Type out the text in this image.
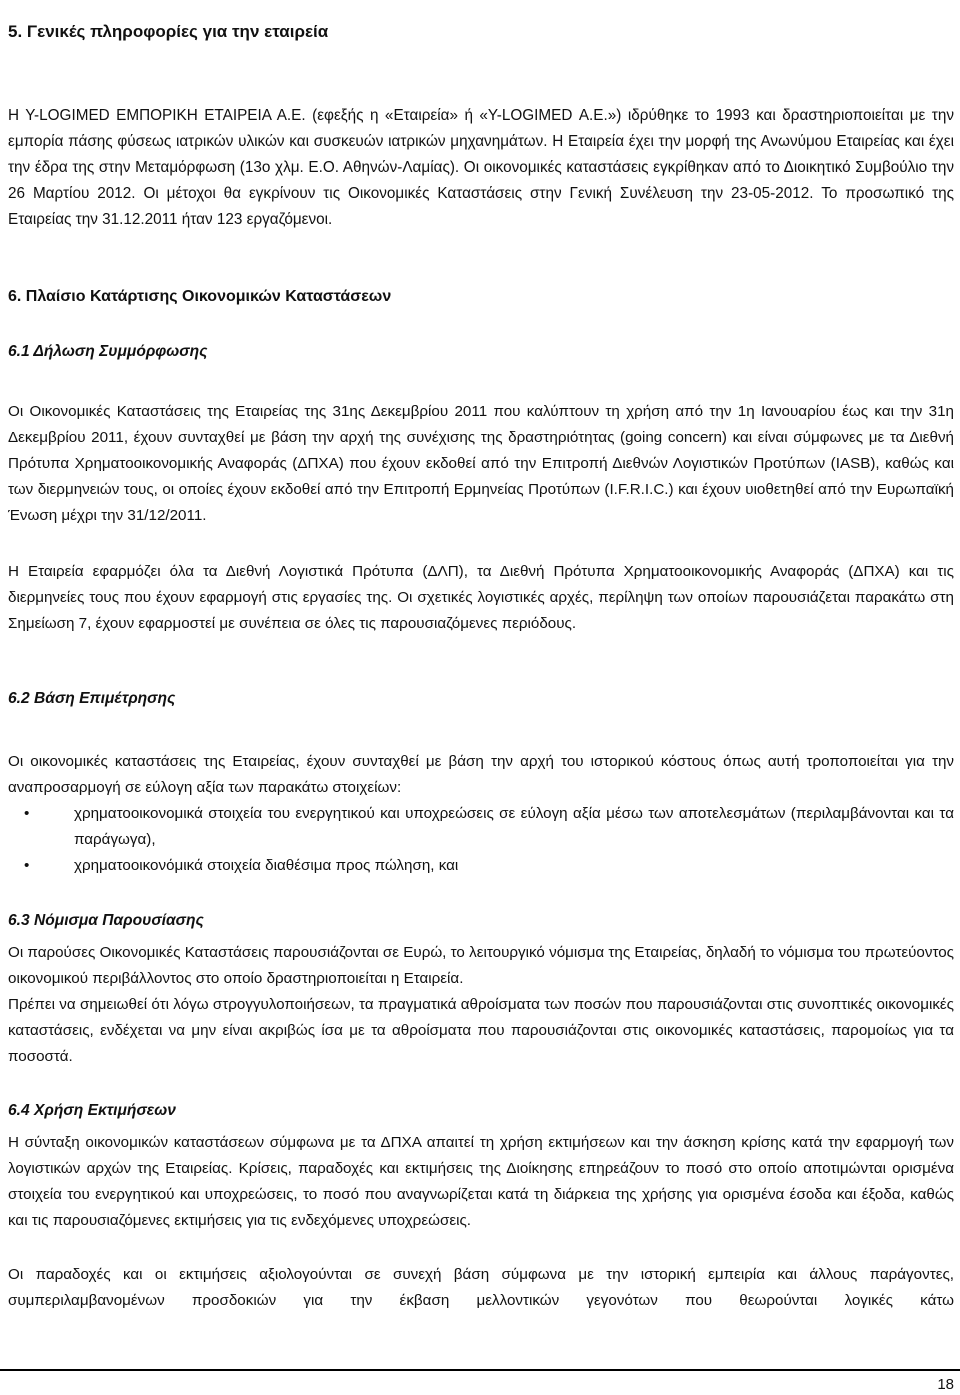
5. Γενικές πληροφορίες για την εταιρεία

Η Υ-LOGIMED ΕΜΠΟΡΙΚΗ ΕΤΑΙΡΕΙΑ Α.Ε. (εφεξής η «Εταιρεία» ή «Υ-LOGIMED Α.Ε.») ιδρύθηκε το 1993 και δραστηριοποιείται με την εμπορία πάσης φύσεως ιατρικών υλικών και συσκευών ιατρικών μηχανημάτων. Η Εταιρεία έχει την μορφή της Ανωνύμου Εταιρείας και έχει την έδρα της στην Μεταμόρφωση (13ο χλμ. Ε.Ο. Αθηνών-Λαμίας). Οι οικονομικές καταστάσεις εγκρίθηκαν από το Διοικητικό Συμβούλιο την 26 Μαρτίου 2012. Οι μέτοχοι θα εγκρίνουν τις Οικονομικές Καταστάσεις στην Γενική Συνέλευση την 23-05-2012. Το προσωπικό της Εταιρείας την 31.12.2011 ήταν 123 εργαζόμενοι.

6. Πλαίσιο Κατάρτισης Οικονομικών Καταστάσεων
6.1 Δήλωση Συμμόρφωσης

Οι Οικονομικές Καταστάσεις της Εταιρείας της 31ης Δεκεμβρίου 2011 που καλύπτουν τη χρήση από την 1η Ιανουαρίου έως και την 31η Δεκεμβρίου 2011, έχουν συνταχθεί με βάση την αρχή της συνέχισης της δραστηριότητας (going concern) και είναι σύμφωνες με τα Διεθνή Πρότυπα Χρηματοοικονομικής Αναφοράς (ΔΠΧΑ) που έχουν εκδοθεί από την Επιτροπή Διεθνών Λογιστικών Προτύπων (IASB), καθώς και των διερμηνειών τους, οι οποίες έχουν εκδοθεί από την Επιτροπή Ερμηνείας Προτύπων (I.F.R.I.C.) και έχουν υιοθετηθεί από την Ευρωπαϊκή Ένωση μέχρι την 31/12/2011.

Η Εταιρεία εφαρμόζει όλα τα Διεθνή Λογιστικά Πρότυπα (ΔΛΠ), τα Διεθνή Πρότυπα Χρηματοοικονομικής Αναφοράς (ΔΠΧΑ) και τις διερμηνείες τους που έχουν εφαρμογή στις εργασίες της. Οι σχετικές λογιστικές αρχές, περίληψη των οποίων παρουσιάζεται παρακάτω στη Σημείωση 7, έχουν εφαρμοστεί με συνέπεια σε όλες τις παρουσιαζόμενες περιόδους.

6.2 Βάση Επιμέτρησης

Οι οικονομικές καταστάσεις της Εταιρείας, έχουν συνταχθεί με βάση την αρχή του ιστορικού κόστους όπως αυτή τροποποιείται για την αναπροσαρμογή σε εύλογη αξία των παρακάτω στοιχείων:

•	χρηματοοικονομικά στοιχεία του ενεργητικού και υποχρεώσεις σε εύλογη αξία μέσω των αποτελεσμάτων (περιλαμβάνονται και τα παράγωγα),
•	χρηματοοικονόμικά στοιχεία διαθέσιμα προς πώληση, και
6.3 Νόμισμα Παρουσίασης

Οι παρούσες Οικονομικές Καταστάσεις παρουσιάζονται σε Ευρώ, το λειτουργικό νόμισμα της Εταιρείας, δηλαδή το νόμισμα του πρωτεύοντος οικονομικού περιβάλλοντος στο οποίο δραστηριοποιείται η Εταιρεία.

Πρέπει να σημειωθεί ότι λόγω στρογγυλοποιήσεων, τα πραγματικά αθροίσματα των ποσών που παρουσιάζονται στις συνοπτικές οικονομικές καταστάσεις, ενδέχεται να μην είναι ακριβώς ίσα με τα αθροίσματα που παρουσιάζονται στις οικονομικές καταστάσεις, παρομοίως για τα ποσοστά.

6.4 Χρήση Εκτιμήσεων

Η σύνταξη οικονομικών καταστάσεων σύμφωνα με τα ΔΠΧΑ απαιτεί τη χρήση εκτιμήσεων και την άσκηση κρίσης κατά την εφαρμογή των λογιστικών αρχών της Εταιρείας. Κρίσεις, παραδοχές και εκτιμήσεις της Διοίκησης επηρεάζουν το ποσό στο οποίο αποτιμώνται ορισμένα στοιχεία του ενεργητικού και υποχρεώσεις, το ποσό που αναγνωρίζεται κατά τη διάρκεια της χρήσης για ορισμένα έσοδα και έξοδα, καθώς και τις παρουσιαζόμενες εκτιμήσεις για τις ενδεχόμενες υποχρεώσεις.

Οι παραδοχές και οι εκτιμήσεις αξιολογούνται σε συνεχή βάση σύμφωνα με την ιστορική εμπειρία και άλλους παράγοντες, συμπεριλαμβανομένων προσδοκιών για την έκβαση μελλοντικών γεγονότων που θεωρούνται λογικές κάτω

18
